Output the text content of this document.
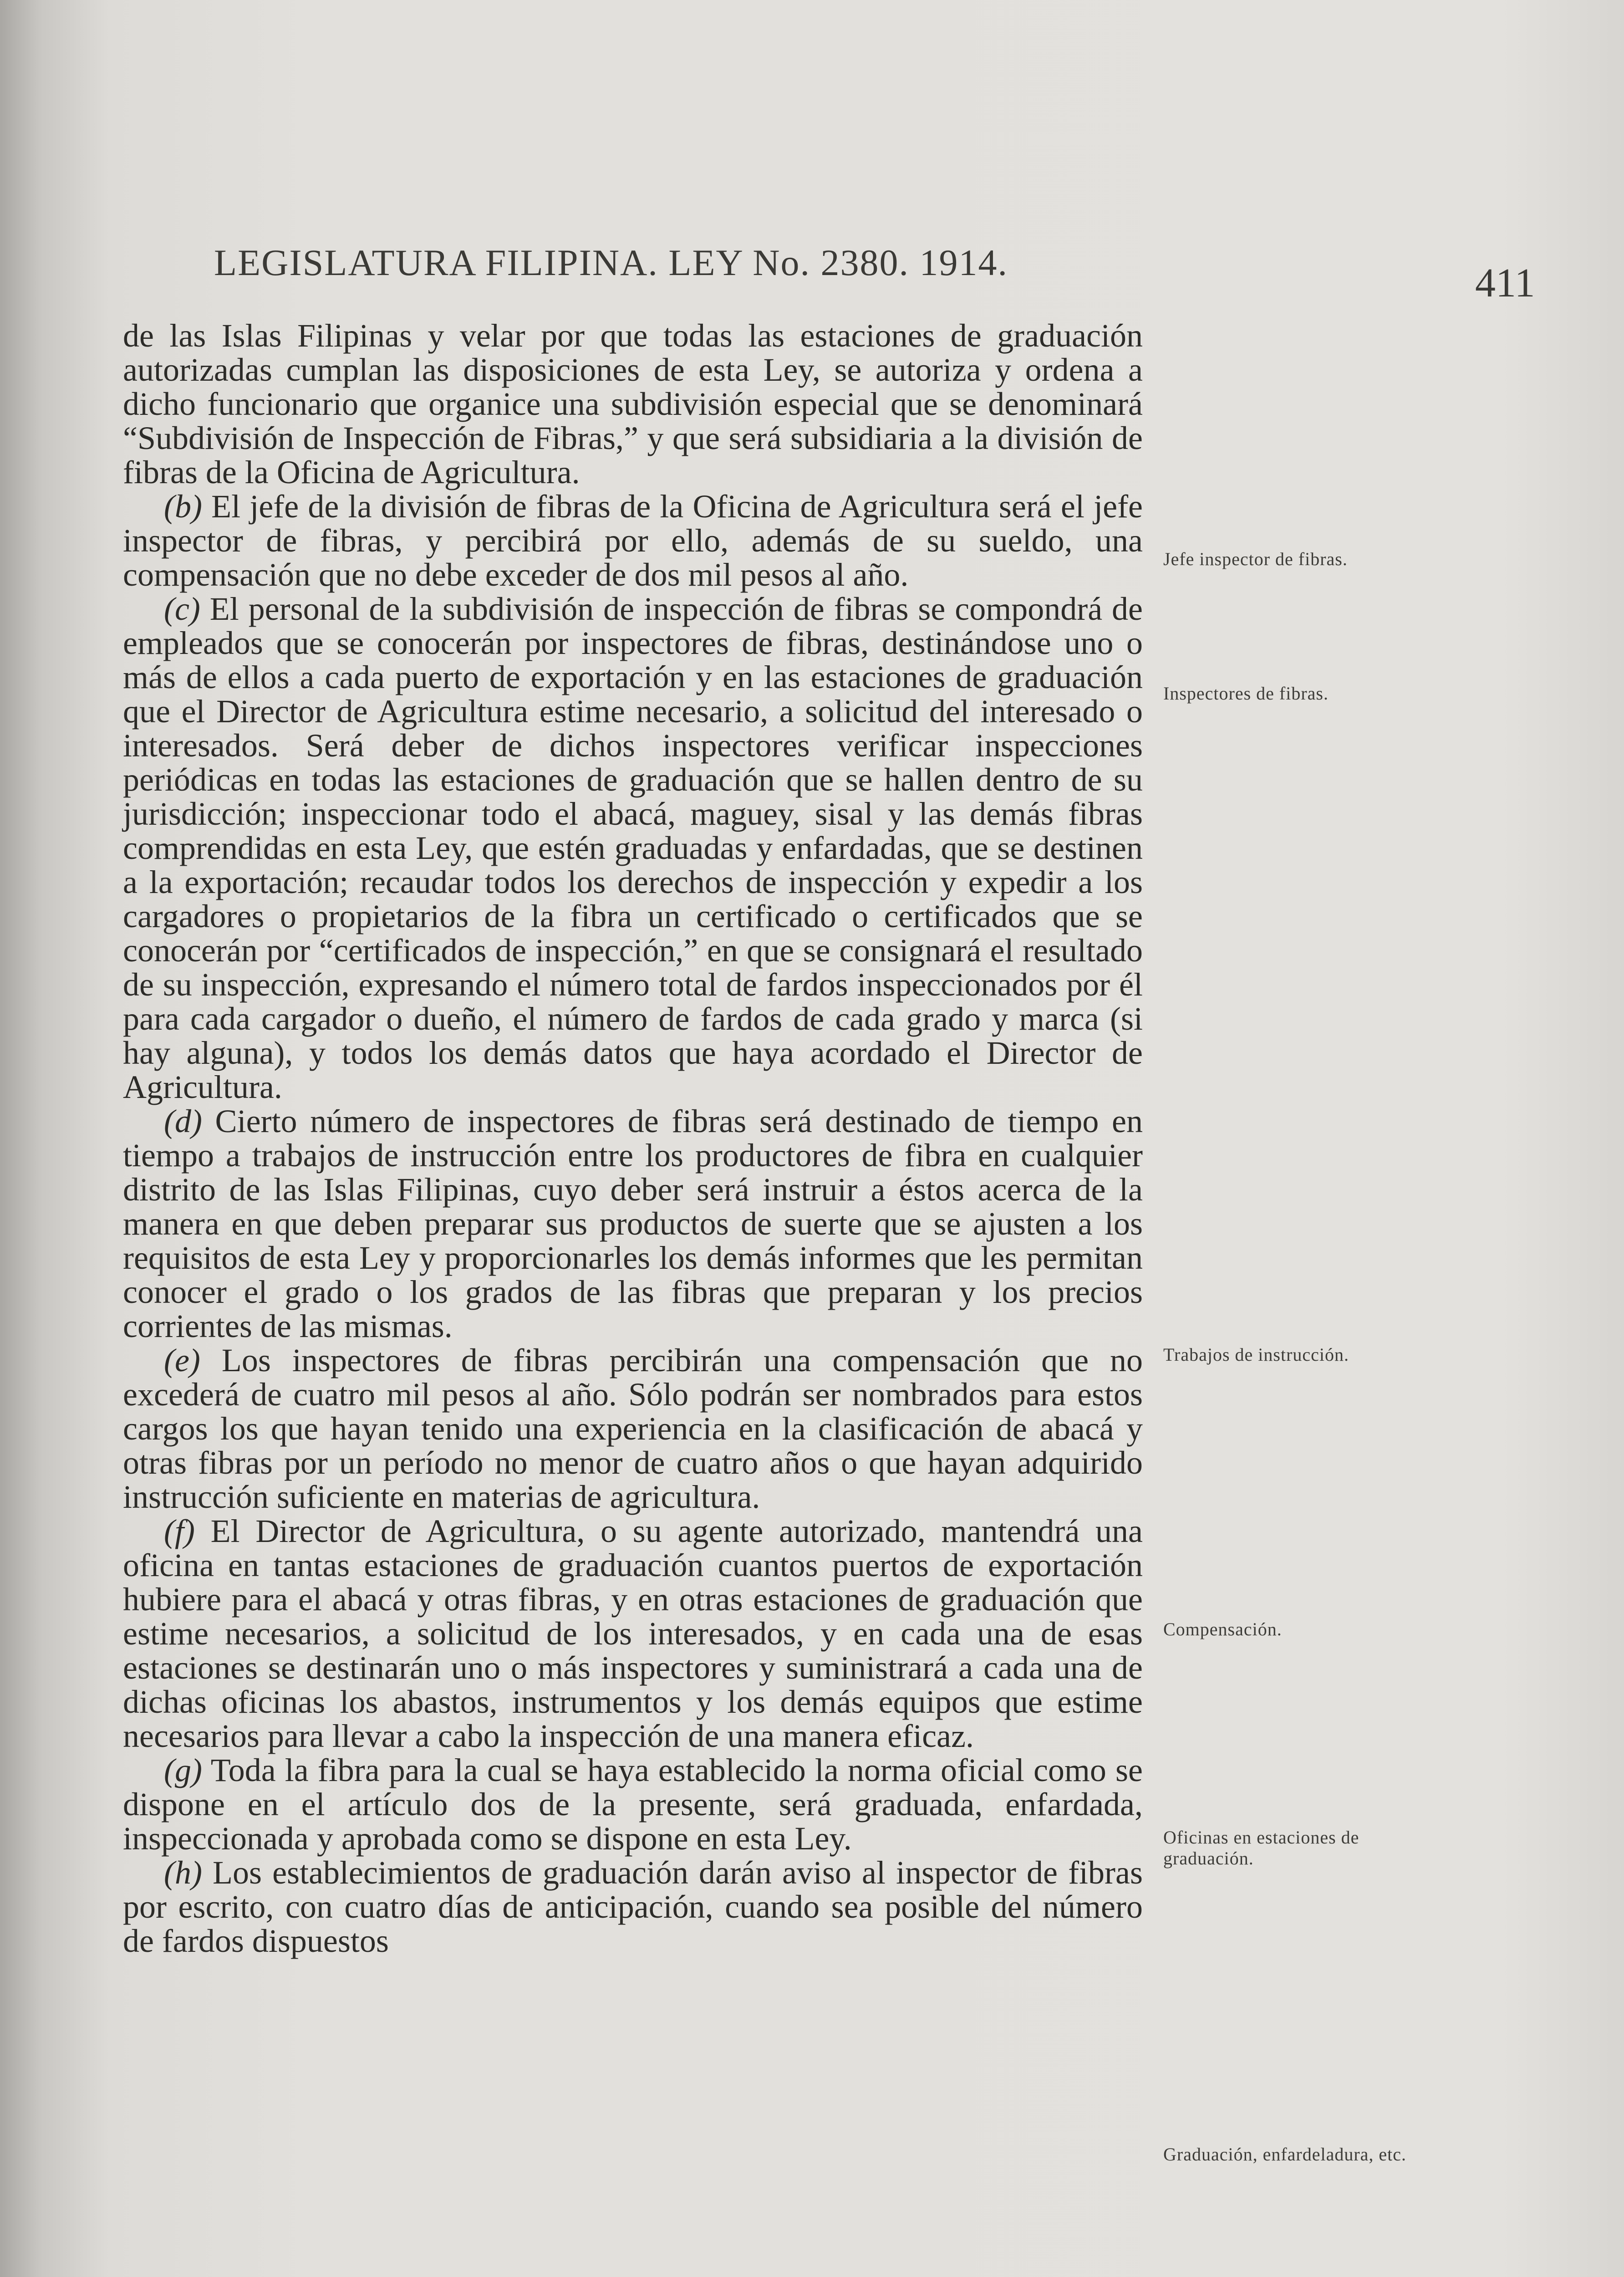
LEGISLATURA FILIPINA. LEY No. 2380. 1914.	411

de las Islas Filipinas y velar por que todas las estaciones de graduación autorizadas cumplan las disposiciones de esta Ley, se autoriza y ordena a dicho funcionario que organice una subdivisión especial que se denominará “Subdivisión de Inspección de Fibras,” y que será subsidiaria a la división de fibras de la Oficina de Agricultura.

(b) El jefe de la división de fibras de la Oficina de Agricultura será el jefe inspector de fibras, y percibirá por ello, además de su sueldo, una compensación que no debe exceder de dos mil pesos al año.

(c) El personal de la subdivisión de inspección de fibras se compondrá de empleados que se conocerán por inspectores de fibras, destinándose uno o más de ellos a cada puerto de exportación y en las estaciones de graduación que el Director de Agricultura estime necesario, a solicitud del interesado o interesados. Será deber de dichos inspectores verificar inspecciones periódicas en todas las estaciones de graduación que se hallen dentro de su jurisdicción; inspeccionar todo el abacá, maguey, sisal y las demás fibras comprendidas en esta Ley, que estén graduadas y enfardadas, que se destinen a la exportación; recaudar todos los derechos de inspección y expedir a los cargadores o propietarios de la fibra un certificado o certificados que se conocerán por “certificados de inspección,” en que se consignará el resultado de su inspección, expresando el número total de fardos inspeccionados por él para cada cargador o dueño, el número de fardos de cada grado y marca (si hay alguna), y todos los demás datos que haya acordado el Director de Agricultura.

(d) Cierto número de inspectores de fibras será destinado de tiempo en tiempo a trabajos de instrucción entre los productores de fibra en cualquier distrito de las Islas Filipinas, cuyo deber será instruir a éstos acerca de la manera en que deben preparar sus productos de suerte que se ajusten a los requisitos de esta Ley y proporcionarles los demás informes que les permitan conocer el grado o los grados de las fibras que preparan y los precios corrientes de las mismas.

(e) Los inspectores de fibras percibirán una compensación que no excederá de cuatro mil pesos al año. Sólo podrán ser nombrados para estos cargos los que hayan tenido una experiencia en la clasificación de abacá y otras fibras por un período no menor de cuatro años o que hayan adquirido instrucción suficiente en materias de agricultura.

(f) El Director de Agricultura, o su agente autorizado, mantendrá una oficina en tantas estaciones de graduación cuantos puertos de exportación hubiere para el abacá y otras fibras, y en otras estaciones de graduación que estime necesarios, a solicitud de los interesados, y en cada una de esas estaciones se destinarán uno o más inspectores y suministrará a cada una de dichas oficinas los abastos, instrumentos y los demás equipos que estime necesarios para llevar a cabo la inspección de una manera eficaz.

(g) Toda la fibra para la cual se haya establecido la norma oficial como se dispone en el artículo dos de la presente, será graduada, enfardada, inspeccionada y aprobada como se dispone en esta Ley.

(h) Los establecimientos de graduación darán aviso al inspector de fibras por escrito, con cuatro días de anticipación, cuando sea posible del número de fardos dispuestos

Jefe inspector de fibras.
Inspectores de fibras.
Trabajos de instrucción.
Compensación.
Oficinas en estaciones de graduación.
Graduación, enfardeladura, etc.
